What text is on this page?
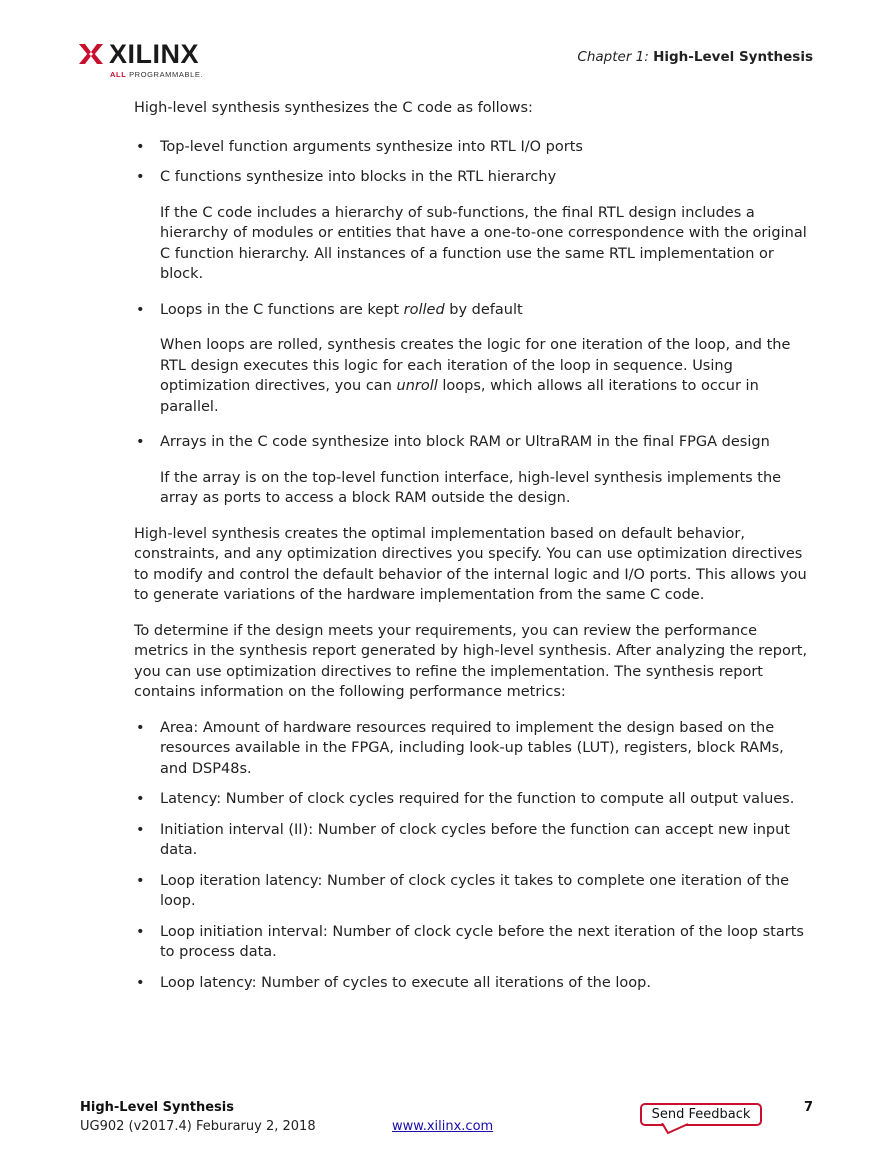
XILINX
ALL PROGRAMMABLE.
Chapter 1: High-Level Synthesis

High-level synthesis synthesizes the C code as follows:

• Top-level function arguments synthesize into RTL I/O ports
• C functions synthesize into blocks in the RTL hierarchy

If the C code includes a hierarchy of sub-functions, the final RTL design includes a hierarchy of modules or entities that have a one-to-one correspondence with the original C function hierarchy. All instances of a function use the same RTL implementation or block.

• Loops in the C functions are kept rolled by default

When loops are rolled, synthesis creates the logic for one iteration of the loop, and the RTL design executes this logic for each iteration of the loop in sequence. Using optimization directives, you can unroll loops, which allows all iterations to occur in parallel.

• Arrays in the C code synthesize into block RAM or UltraRAM in the final FPGA design

If the array is on the top-level function interface, high-level synthesis implements the array as ports to access a block RAM outside the design.

High-level synthesis creates the optimal implementation based on default behavior, constraints, and any optimization directives you specify. You can use optimization directives to modify and control the default behavior of the internal logic and I/O ports. This allows you to generate variations of the hardware implementation from the same C code.

To determine if the design meets your requirements, you can review the performance metrics in the synthesis report generated by high-level synthesis. After analyzing the report, you can use optimization directives to refine the implementation. The synthesis report contains information on the following performance metrics:

• Area: Amount of hardware resources required to implement the design based on the resources available in the FPGA, including look-up tables (LUT), registers, block RAMs, and DSP48s.
• Latency: Number of clock cycles required for the function to compute all output values.
• Initiation interval (II): Number of clock cycles before the function can accept new input data.
• Loop iteration latency: Number of clock cycles it takes to complete one iteration of the loop.
• Loop initiation interval: Number of clock cycle before the next iteration of the loop starts to process data.
• Loop latency: Number of cycles to execute all iterations of the loop.
High-Level Synthesis
UG902 (v2017.4) Feburaruy 2, 2018	www.xilinx.com
Send Feedback	7
